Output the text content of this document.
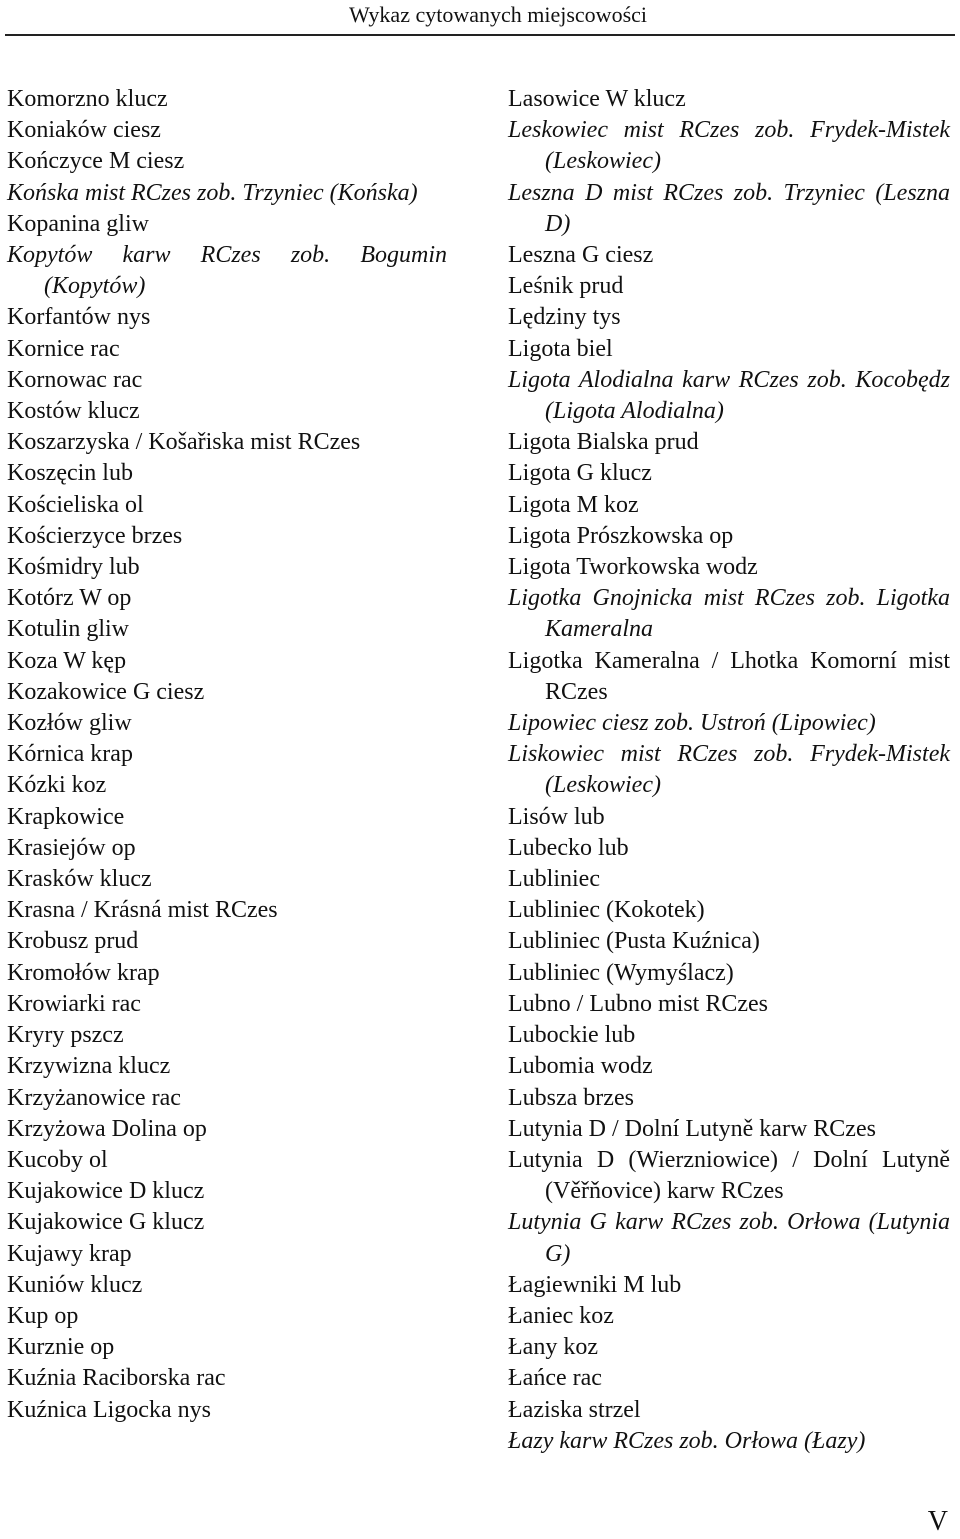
Wykaz cytowanych miejscowości

Komorzno klucz

Koniaków ciesz

Kończyce M ciesz

Końska mist RCzes zob. Trzyniec (Końska)

Kopanina gliw

Kopytów karw RCzes zob. Bogumin (Kopytów)

Korfantów nys

Kornice rac

Kornowac rac

Kostów klucz

Koszarzyska / Košařiska mist RCzes

Koszęcin lub

Kościeliska ol

Kościerzyce brzes

Kośmidry lub

Kotórz W op

Kotulin gliw

Koza W kęp

Kozakowice G ciesz

Kozłów gliw

Kórnica krap

Kózki koz

Krapkowice

Krasiejów op

Krasków klucz

Krasna / Krásná mist RCzes

Krobusz prud

Kromołów krap

Krowiarki rac

Kryry pszcz

Krzywizna klucz

Krzyżanowice rac

Krzyżowa Dolina op

Kucoby ol

Kujakowice D klucz

Kujakowice G klucz

Kujawy krap

Kuniów klucz

Kup op

Kurznie op

Kuźnia Raciborska rac

Kuźnica Ligocka nys

Lasowice W klucz

Leskowiec mist RCzes zob. Frydek-Mistek (Leskowiec)

Leszna D mist RCzes zob. Trzyniec (Leszna D)

Leszna G ciesz

Leśnik prud

Lędziny tys

Ligota biel

Ligota Alodialna karw RCzes zob. Kocobędz (Ligota Alodialna)

Ligota Bialska prud

Ligota G klucz

Ligota M koz

Ligota Prószkowska op

Ligota Tworkowska wodz

Ligotka Gnojnicka mist RCzes zob. Ligotka Kameralna

Ligotka Kameralna / Lhotka Komorní mist RCzes

Lipowiec ciesz zob. Ustroń (Lipowiec)

Liskowiec mist RCzes zob. Frydek-Mistek (Leskowiec)

Lisów lub

Lubecko lub

Lubliniec

Lubliniec (Kokotek)

Lubliniec (Pusta Kuźnica)

Lubliniec (Wymyślacz)

Lubno / Lubno mist RCzes

Lubockie lub

Lubomia wodz

Lubsza brzes

Lutynia D / Dolní Lutyně karw RCzes

Lutynia D (Wierzniowice) / Dolní Lutyně (Věřňovice) karw RCzes

Lutynia G karw RCzes zob. Orłowa (Lutynia G)

Łagiewniki M lub

Łaniec koz

Łany koz

Łańce rac

Łaziska strzel

Łazy karw RCzes zob. Orłowa (Łazy)

V
